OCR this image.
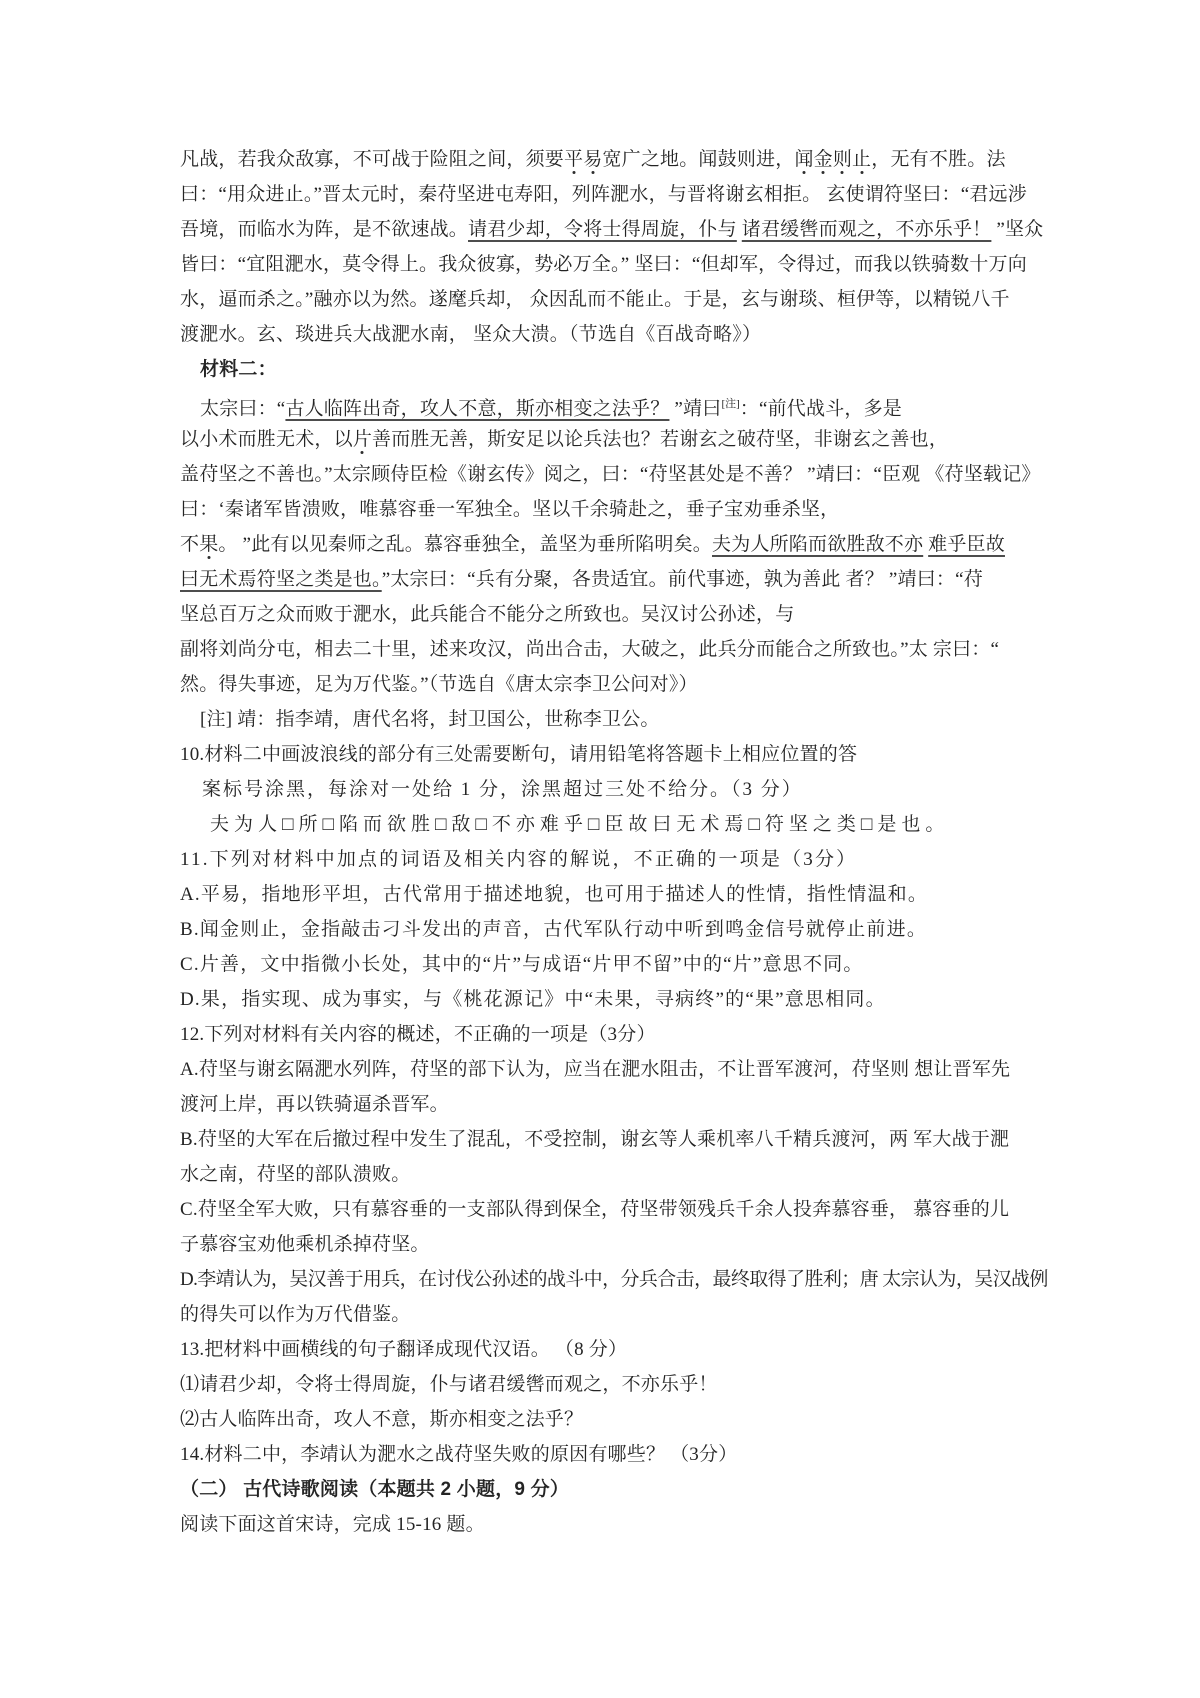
凡战，若我众敌寡，不可战于险阻之间，须要平易宽广之地。闻鼓则进，闻金则止，无有不胜。法
曰：“用众进止。”晋太元时，秦苻坚进屯寿阳，列阵淝水，与晋将谢玄相拒。 玄使谓符坚曰：“君远涉
吾境，而临水为阵，是不欲速战。请君少却，令将士得周旋，仆与 诸君缓辔而观之，不亦乐乎！ ”坚众
皆曰：“宜阻淝水，莫令得上。我众彼寡，势必万全。” 坚曰：“但却军，令得过，而我以铁骑数十万向
水，逼而杀之。”融亦以为然。遂麾兵却， 众因乱而不能止。于是，玄与谢琰、桓伊等，以精锐八千
渡淝水。玄、琰进兵大战淝水南， 坚众大溃。（节选自《百战奇略》）
材料二：
太宗曰：“古人临阵出奇，攻人不意，斯亦相变之法乎？ ”靖曰[注]：“前代战斗，多是
以小术而胜无术，以片善而胜无善，斯安足以论兵法也？若谢玄之破苻坚，非谢玄之善也，
盖苻坚之不善也。”太宗顾侍臣检《谢玄传》阅之，曰：“苻坚甚处是不善？ ”靖曰：“臣观 《苻坚载记》
曰：‘秦诸军皆溃败，唯慕容垂一军独全。坚以千余骑赴之，垂子宝劝垂杀坚，
不果。 ”此有以见秦师之乱。慕容垂独全，盖坚为垂所陷明矣。夫为人所陷而欲胜敌不亦 难乎臣故
曰无术焉符坚之类是也。”太宗曰：“兵有分聚，各贵适宜。前代事迹，孰为善此 者？ ”靖曰：“苻
坚总百万之众而败于淝水，此兵能合不能分之所致也。吴汉讨公孙述，与
副将刘尚分屯，相去二十里，述来攻汉，尚出合击，大破之，此兵分而能合之所致也。”太 宗曰：“
然。得失事迹，足为万代鉴。”（节选自《唐太宗李卫公问对》）
[注] 靖：指李靖，唐代名将，封卫国公，世称李卫公。
10.材料二中画波浪线的部分有三处需要断句，请用铅笔将答题卡上相应位置的答
案标号涂黑，每涂对一处给 1 分，涂黑超过三处不给分。（3 分）
夫为人□所□陷而欲胜□敌□不亦难乎□臣故曰无术焉□符坚之类□是也。
11.下列对材料中加点的词语及相关内容的解说，不正确的一项是（3分）
A.平易，指地形平坦，古代常用于描述地貌，也可用于描述人的性情，指性情温和。
B.闻金则止，金指敲击刁斗发出的声音，古代军队行动中听到鸣金信号就停止前进。
C.片善，文中指微小长处，其中的“片”与成语“片甲不留”中的“片”意思不同。
D.果，指实现、成为事实，与《桃花源记》中“未果，寻病终”的“果”意思相同。
12.下列对材料有关内容的概述，不正确的一项是（3分）
A.苻坚与谢玄隔淝水列阵，苻坚的部下认为，应当在淝水阻击，不让晋军渡河，苻坚则 想让晋军先
渡河上岸，再以铁骑逼杀晋军。
B.苻坚的大军在后撤过程中发生了混乱，不受控制，谢玄等人乘机率八千精兵渡河，两 军大战于淝
水之南，苻坚的部队溃败。
C.苻坚全军大败，只有慕容垂的一支部队得到保全，苻坚带领残兵千余人投奔慕容垂， 慕容垂的儿
子慕容宝劝他乘机杀掉苻坚。
D.李靖认为，吴汉善于用兵，在讨伐公孙述的战斗中，分兵合击，最终取得了胜利；唐 太宗认为，吴汉战例
的得失可以作为万代借鉴。
13.把材料中画横线的句子翻译成现代汉语。 （8 分）
⑴请君少却，令将士得周旋，仆与诸君缓辔而观之，不亦乐乎！
⑵古人临阵出奇，攻人不意，斯亦相变之法乎？
14.材料二中，李靖认为淝水之战苻坚失败的原因有哪些？ （3分）
（二） 古代诗歌阅读（本题共 2 小题，9 分）
阅读下面这首宋诗，完成 15-16 题。
